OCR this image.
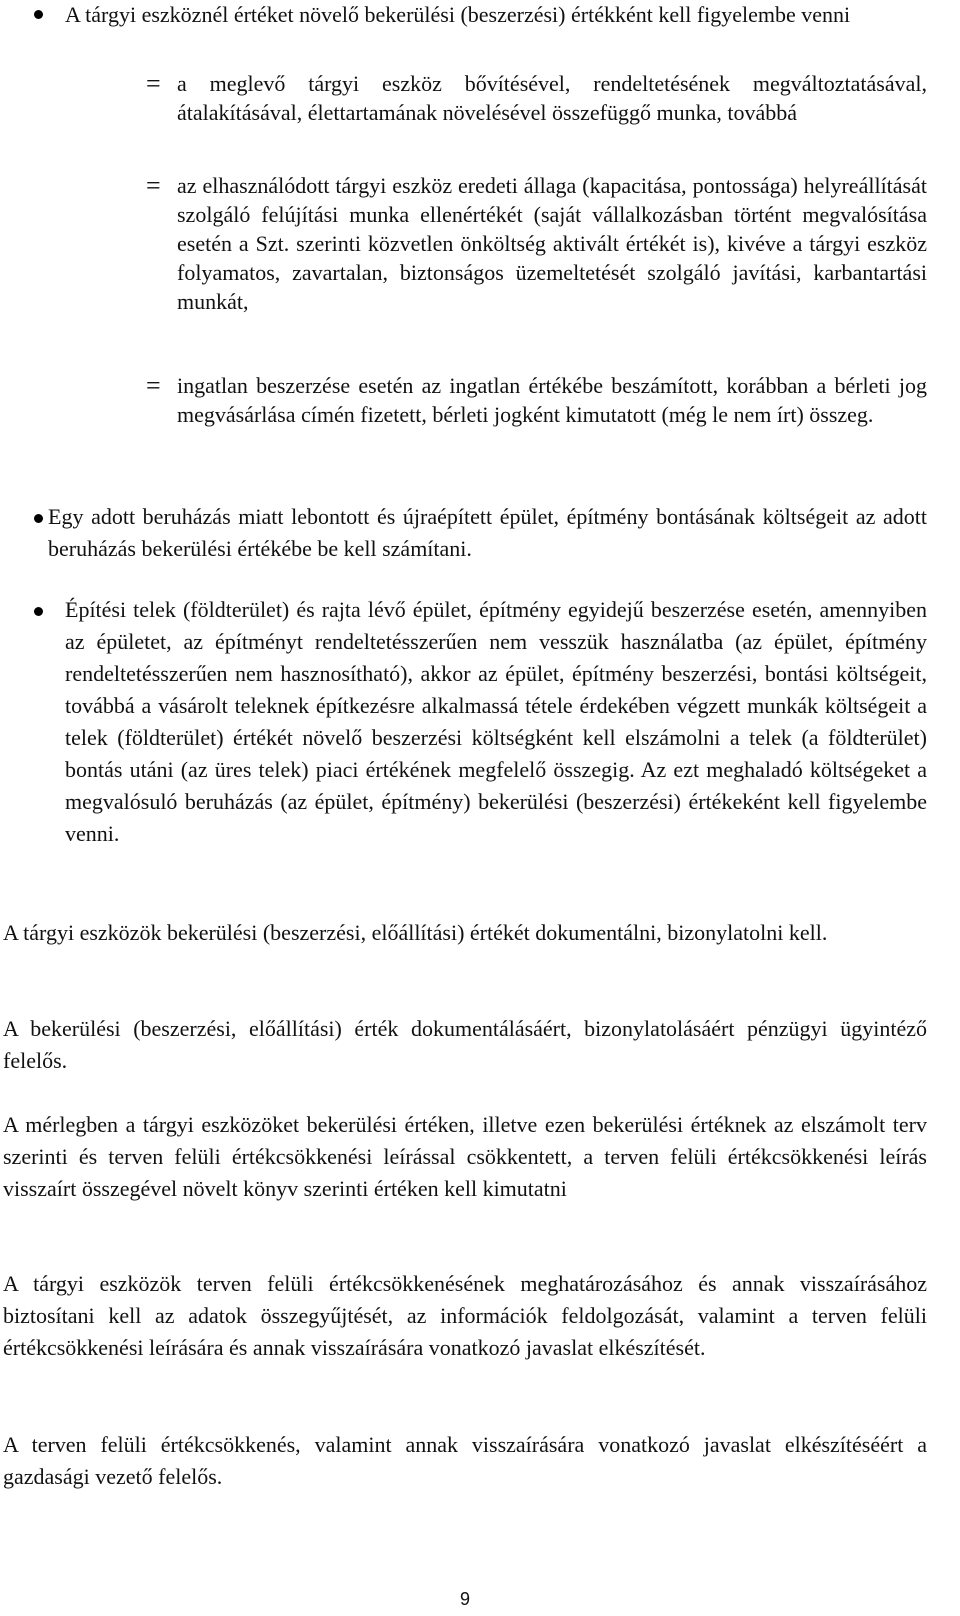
A tárgyi eszköznél értéket növelő bekerülési (beszerzési) értékként kell figyelembe venni

= a meglevő tárgyi eszköz bővítésével, rendeltetésének megváltoztatásával, átalakításával, élettartamának növelésével összefüggő munka, továbbá

= az elhasználódott tárgyi eszköz eredeti állaga (kapacitása, pontossága) helyreállítását szolgáló felújítási munka ellenértékét (saját vállalkozásban történt megvalósítása esetén a Szt. szerinti közvetlen önköltség aktivált értékét is), kivéve a tárgyi eszköz folyamatos, zavartalan, biztonságos üzemeltetését szolgáló javítási, karbantartási munkát,

= ingatlan beszerzése esetén az ingatlan értékébe beszámított, korábban a bérleti jog megvásárlása címén fizetett, bérleti jogként kimutatott (még le nem írt) összeg.

Egy adott beruházás miatt lebontott és újraépített épület, építmény bontásának költségeit az adott beruházás bekerülési értékébe be kell számítani.

Építési telek (földterület) és rajta lévő épület, építmény egyidejű beszerzése esetén, amennyiben az épületet, az építményt rendeltetésszerűen nem vesszük használatba (az épület, építmény rendeltetésszerűen nem hasznosítható), akkor az épület, építmény beszerzési, bontási költségeit, továbbá a vásárolt teleknek építkezésre alkalmassá tétele érdekében végzett munkák költségeit a telek (földterület) értékét növelő beszerzési költségként kell elszámolni a telek (a földterület) bontás utáni (az üres telek) piaci értékének megfelelő összegig. Az ezt meghaladó költségeket a megvalósuló beruházás (az épület, építmény) bekerülési (beszerzési) értékeként kell figyelembe venni.

A tárgyi eszközök bekerülési (beszerzési, előállítási) értékét dokumentálni, bizonylatolni kell.

A bekerülési (beszerzési, előállítási) érték dokumentálásáért, bizonylatolásáért pénzügyi ügyintéző felelős.

A mérlegben a tárgyi eszközöket bekerülési értéken, illetve ezen bekerülési értéknek az elszámolt terv szerinti és terven felüli értékcsökkenési leírással csökkentett, a terven felüli értékcsökkenési leírás visszaírt összegével növelt könyv szerinti értéken kell kimutatni

A tárgyi eszközök terven felüli értékcsökkenésének meghatározásához és annak visszaírásához biztosítani kell az adatok összegyűjtését, az információk feldolgozását, valamint a terven felüli értékcsökkenési leírására és annak visszaírására vonatkozó javaslat elkészítését.

A terven felüli értékcsökkenés, valamint annak visszaírására vonatkozó javaslat elkészítéséért a gazdasági vezető felelős.

9
